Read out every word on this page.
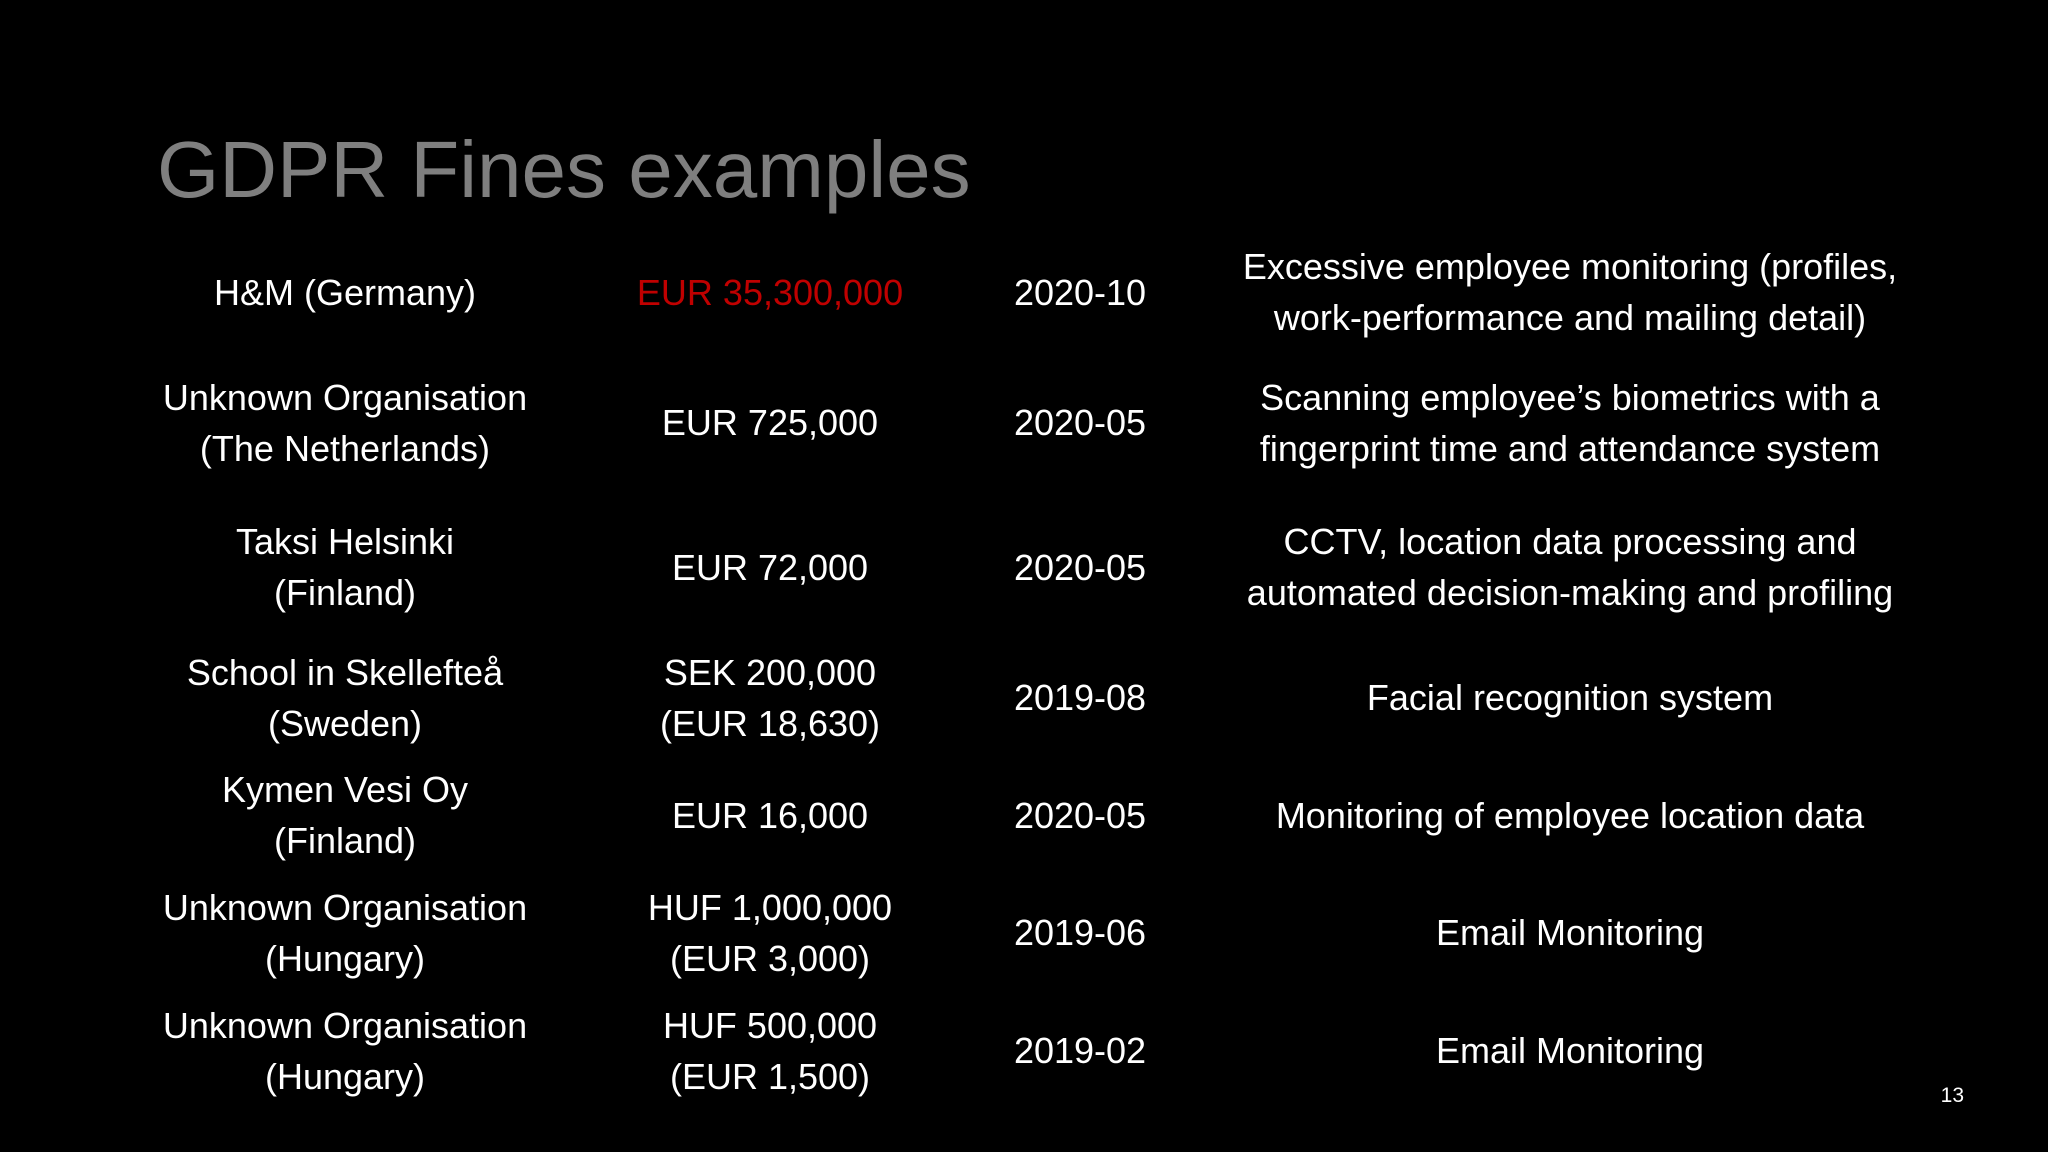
GDPR Fines examples
H&M (Germany)	EUR 35,300,000	2020-10	Excessive employee monitoring (profiles,
work-performance and mailing detail)

Unknown Organisation
(The Netherlands)	EUR 725,000	2020-05	Scanning employee’s biometrics with a
fingerprint time and attendance system

Taksi Helsinki
(Finland)	EUR 72,000	2020-05	CCTV, location data processing and
automated decision-making and profiling

School in Skellefteå
(Sweden)	SEK 200,000
(EUR 18,630)	2019-08	Facial recognition system

Kymen Vesi Oy
(Finland)	EUR 16,000	2020-05	Monitoring of employee location data

Unknown Organisation
(Hungary)	HUF 1,000,000
(EUR 3,000)	2019-06	Email Monitoring

Unknown Organisation
(Hungary)	HUF 500,000
(EUR 1,500)	2019-02	Email Monitoring
13
